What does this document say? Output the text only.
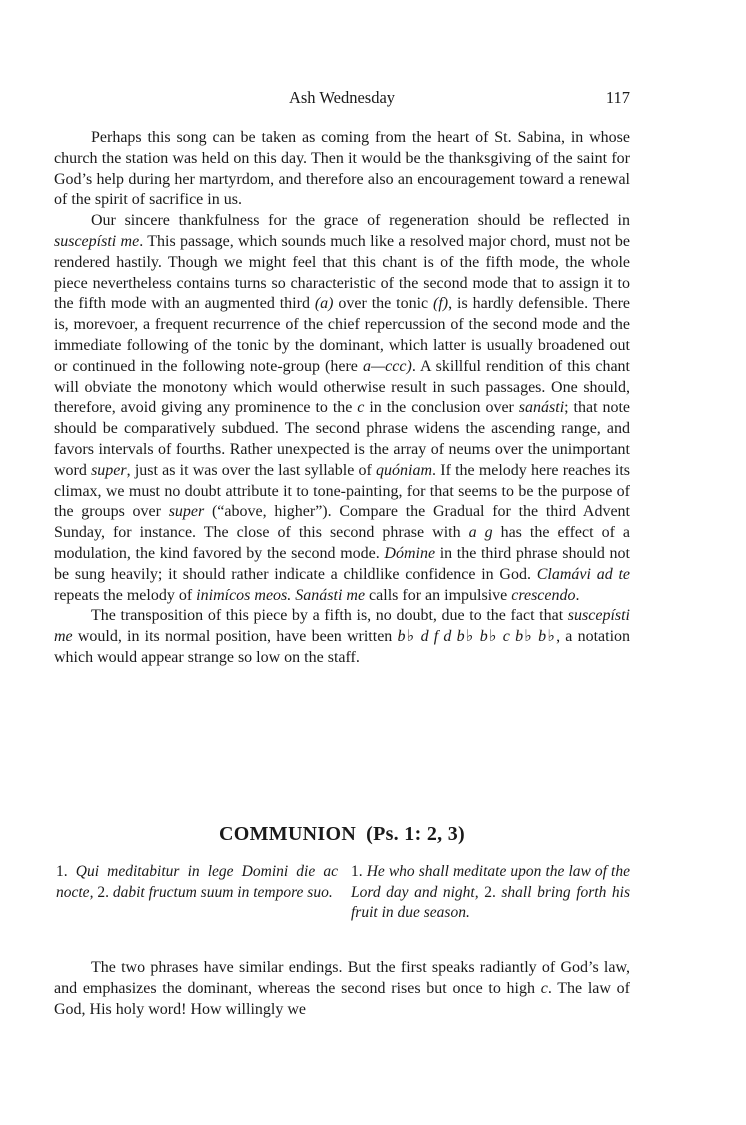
Ash Wednesday	117

Perhaps this song can be taken as coming from the heart of St. Sabina, in whose church the station was held on this day. Then it would be the thanksgiving of the saint for God’s help during her martyrdom, and therefore also an encouragement toward a renewal of the spirit of sacrifice in us.

Our sincere thankfulness for the grace of regeneration should be reflected in suscepísti me. This passage, which sounds much like a resolved major chord, must not be rendered hastily. Though we might feel that this chant is of the fifth mode, the whole piece nevertheless contains turns so characteristic of the second mode that to assign it to the fifth mode with an augmented third (a) over the tonic (f), is hardly defensible. There is, morevoer, a frequent recurrence of the chief repercussion of the second mode and the immediate following of the tonic by the dominant, which latter is usually broadened out or continued in the following note-group (here a—ccc). A skillful rendition of this chant will obviate the monotony which would otherwise result in such passages. One should, therefore, avoid giving any prominence to the c in the conclusion over sanásti; that note should be comparatively subdued. The second phrase widens the ascending range, and favors intervals of fourths. Rather unexpected is the array of neums over the unimportant word super, just as it was over the last syllable of quóniam. If the melody here reaches its climax, we must no doubt attribute it to tone-painting, for that seems to be the purpose of the groups over super (“above, higher”). Compare the Gradual for the third Advent Sunday, for instance. The close of this second phrase with a g has the effect of a modulation, the kind favored by the second mode. Dómine in the third phrase should not be sung heavily; it should rather indicate a childlike confidence in God. Clamávi ad te repeats the melody of inimícos meos. Sanásti me calls for an impulsive crescendo.

The transposition of this piece by a fifth is, no doubt, due to the fact that suscepísti me would, in its normal position, have been written b♭ d f d b♭ b♭ c b♭ b♭, a notation which would appear strange so low on the staff.

COMMUNION (Ps. 1: 2, 3)
1. Qui meditabitur in lege Domini die ac nocte, 2. dabit fructum suum in tempore suo.
1. He who shall meditate upon the law of the Lord day and night, 2. shall bring forth his fruit in due season.

The two phrases have similar endings. But the first speaks radiantly of God’s law, and emphasizes the dominant, whereas the second rises but once to high c. The law of God, His holy word! How willingly we
